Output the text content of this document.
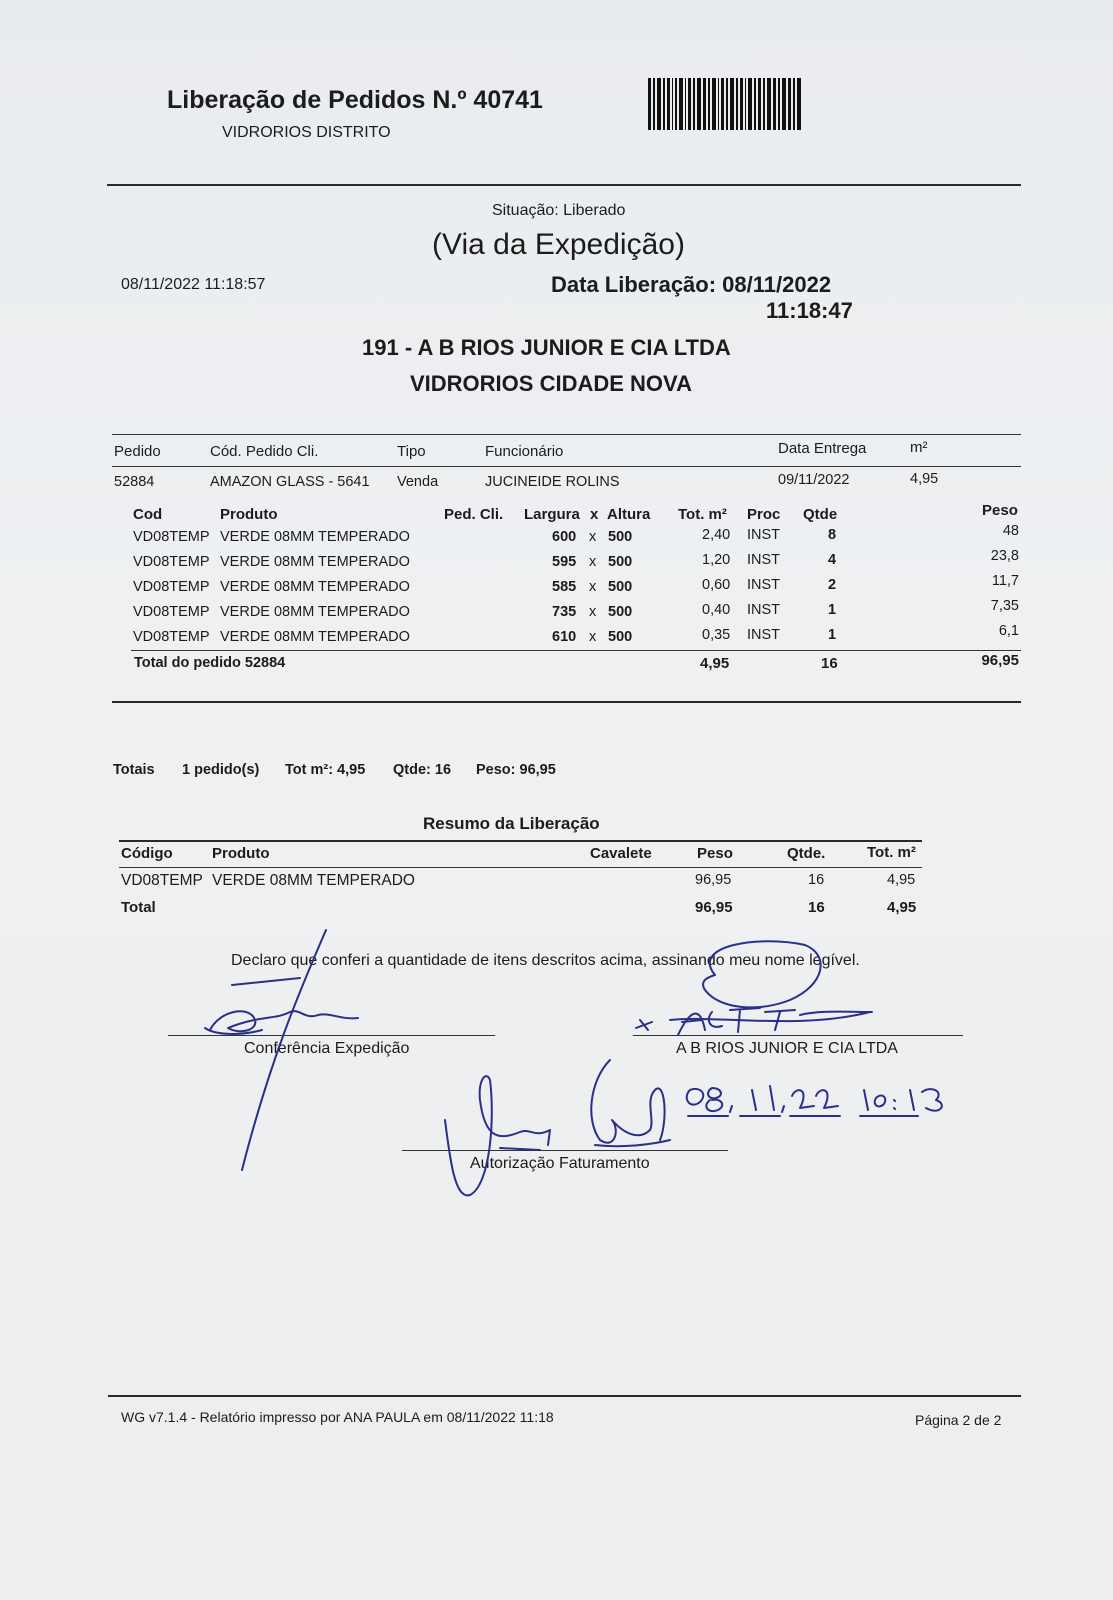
Liberação de Pedidos N.º 40741
VIDRORIOS DISTRITO
Situação: Liberado
(Via da Expedição)
08/11/2022 11:18:57	Data Liberação: 08/11/2022
11:18:47
191 - A B RIOS JUNIOR E CIA LTDA
VIDRORIOS CIDADE NOVA
Pedido	Cód. Pedido Cli.	Tipo	Funcionário	Data Entrega	m²
52884	AMAZON GLASS - 5641 Venda	JUCINEIDE ROLINS	09/11/2022	4,95
Cod	Produto	Ped. Cli. Largura x Altura Tot. m² Proc Qtde	Peso
VD08TEMP VERDE 08MM TEMPERADO	600 x 500	2,40 INST	8	48
VD08TEMP VERDE 08MM TEMPERADO	595 x 500	1,20 INST	4	23,8
VD08TEMP VERDE 08MM TEMPERADO	585 x 500	0,60 INST	2	11,7
VD08TEMP VERDE 08MM TEMPERADO	735 x 500	0,40 INST	1	7,35
VD08TEMP VERDE 08MM TEMPERADO	610 x 500	0,35 INST	1	6,1
Total do pedido 52884	4,95	16	96,95
Totais 1 pedido(s) Tot m²: 4,95 Qtde: 16 Peso: 96,95
Resumo da Liberação
Código	Produto	Cavalete	Peso	Qtde.	Tot. m²
VD08TEMP VERDE 08MM TEMPERADO	96,95	16	4,95
Total	96,95	16	4,95
Declaro que conferi a quantidade de itens descritos acima, assinando meu nome legível.
Conferência Expedição	A B RIOS JUNIOR E CIA LTDA
Autorização Faturamento
WG v7.1.4 - Relatório impresso por ANA PAULA em 08/11/2022 11:18	Página 2 de 2
